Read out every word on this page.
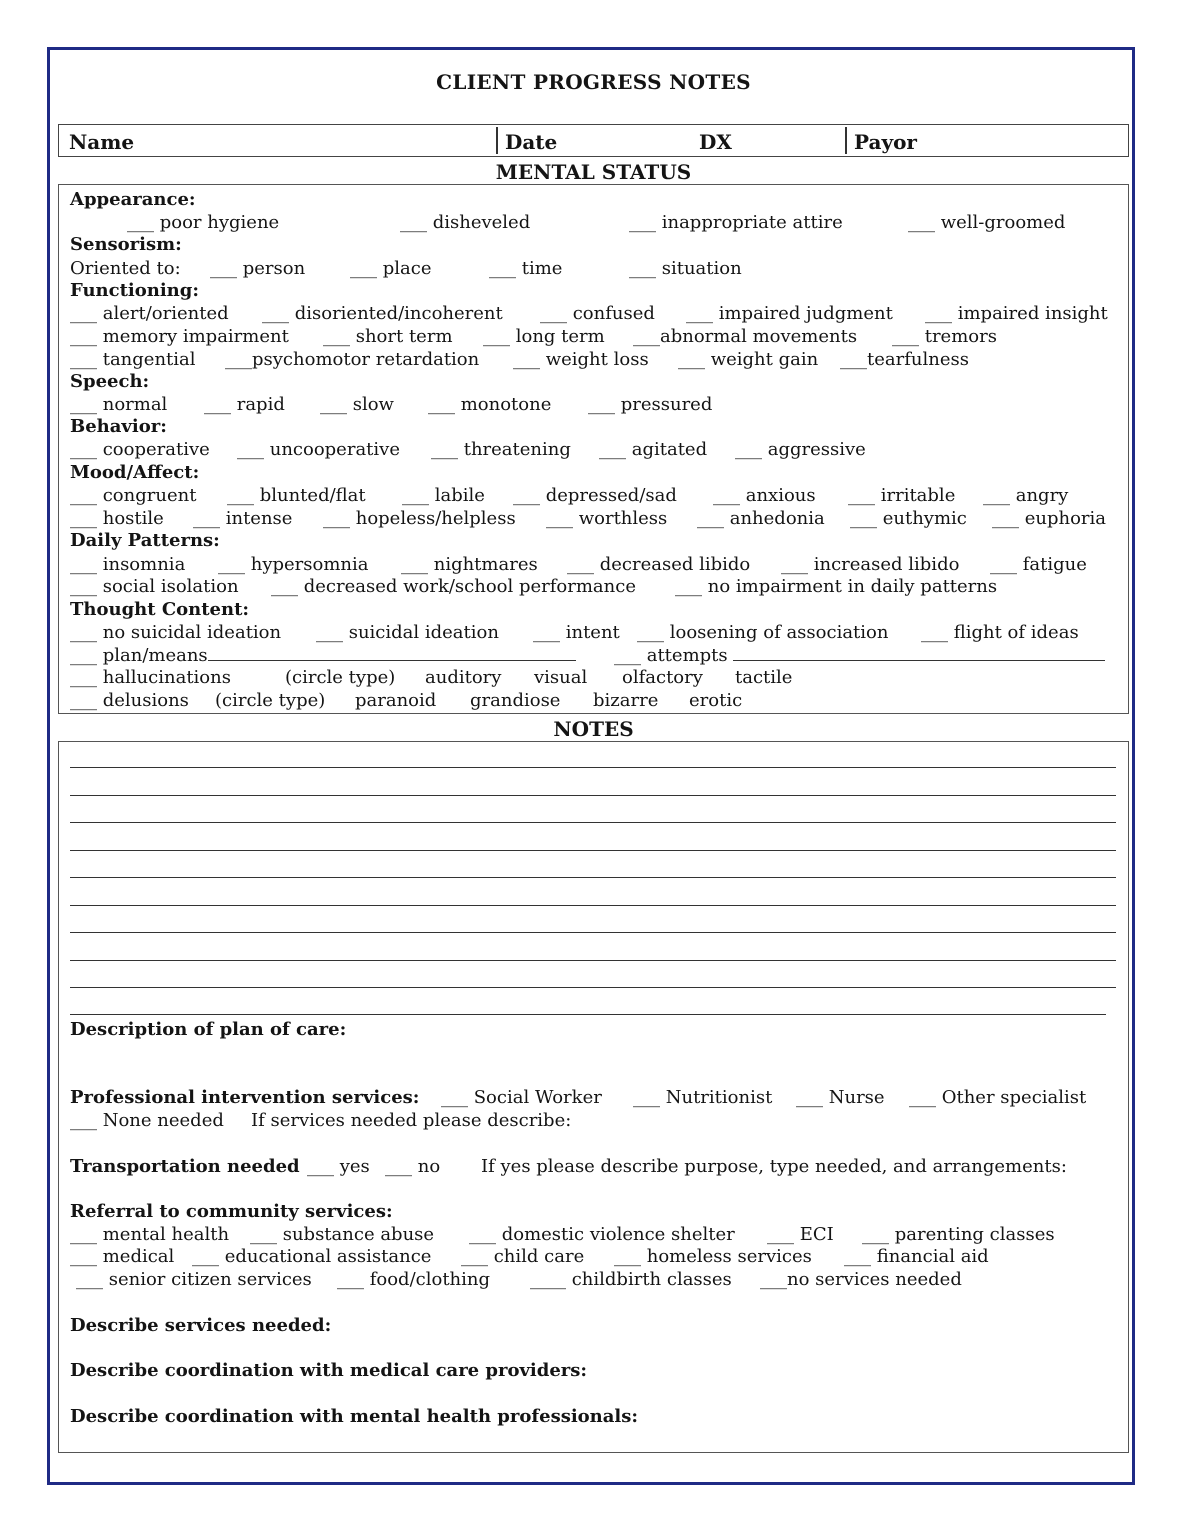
CLIENT PROGRESS NOTES
Name	Date	DX	Payor
MENTAL STATUS
Appearance:
___ poor hygiene	___ disheveled	___ inappropriate attire	___ well-groomed
Sensorism:
Oriented to: ___ person ___ place	___ time	___ situation
Functioning:
___ alert/oriented ___ disoriented/incoherent ___ confused ___ impaired judgment ___ impaired insight
___ memory impairment ___ short term ___ long term ___abnormal movements ___ tremors
___ tangential ___psychomotor retardation ___ weight loss ___ weight gain ___tearfulness
Speech:
___ normal ___ rapid ___ slow ___ monotone ___ pressured
Behavior:
___ cooperative ___ uncooperative ___ threatening ___ agitated ___ aggressive
Mood/Affect:
___ congruent ___ blunted/flat ___ labile ___ depressed/sad ___ anxious ___ irritable ___ angry
___ hostile ___ intense ___ hopeless/helpless ___ worthless ___ anhedonia ___ euthymic ___ euphoria
Daily Patterns:
___ insomnia ___ hypersomnia ___ nightmares ___ decreased libido ___ increased libido ___ fatigue
___ social isolation ___ decreased work/school performance ___ no impairment in daily patterns
Thought Content:
___ no suicidal ideation ___ suicidal ideation ___ intent ___ loosening of association ___ flight of ideas
___ plan/means	___ attempts
___ hallucinations	(circle type) auditory visual olfactory tactile
___ delusions (circle type) paranoid grandiose bizarre erotic
NOTES
Description of plan of care:
Professional intervention services: ___ Social Worker ___ Nutritionist ___ Nurse ___ Other specialist
___ None needed If services needed please describe:
Transportation needed ___ yes ___ no If yes please describe purpose, type needed, and arrangements:
Referral to community services:
___ mental health ___ substance abuse ___ domestic violence shelter ___ ECI ___ parenting classes
___ medical ___ educational assistance ___ child care ___ homeless services ___ financial aid
___ senior citizen services ___ food/clothing ____ childbirth classes ___no services needed
Describe services needed:
Describe coordination with medical care providers:
Describe coordination with mental health professionals:
